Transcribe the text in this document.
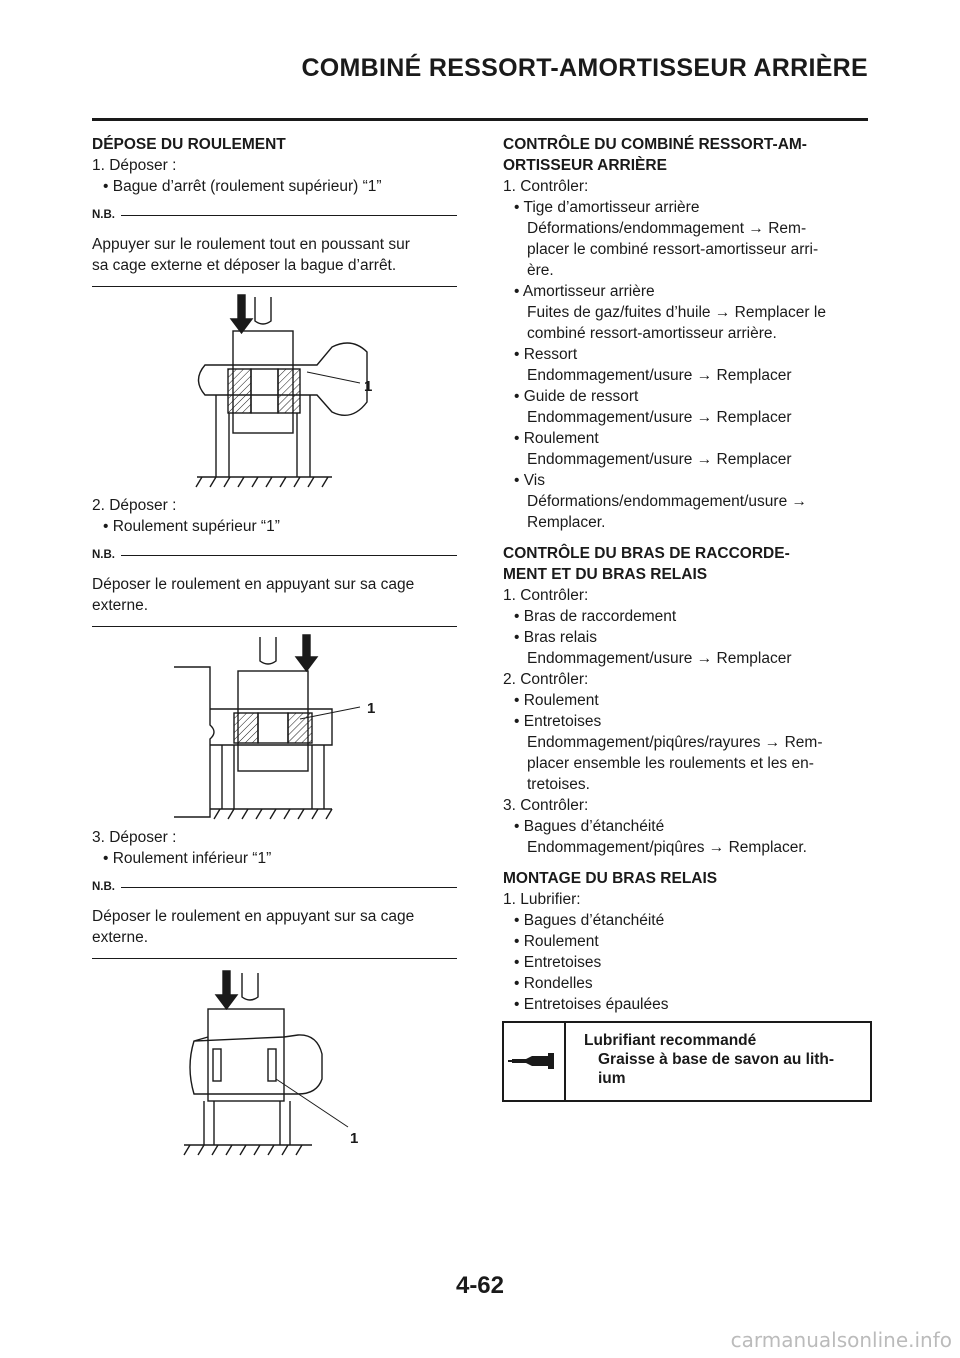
COMBINÉ RESSORT-AMORTISSEUR ARRIÈRE

DÉPOSE DU ROULEMENT

1. Déposer :
• Bague d’arrêt (roulement supérieur) “1”
N.B.
Appuyer sur le roulement tout en poussant sur
sa cage externe et déposer la bague d’arrêt.
1
2. Déposer :
• Roulement supérieur “1”
N.B.
Déposer le roulement en appuyant sur sa cage
externe.
1
3. Déposer :
• Roulement inférieur “1”
N.B.
Déposer le roulement en appuyant sur sa cage
externe.
1

CONTRÔLE DU COMBINÉ RESSORT-AM-

ORTISSEUR ARRIÈRE

1. Contrôler:
• Tige d’amortisseur arrière
Déformations/endommagement → Rem-
placer le combiné ressort-amortisseur arri-
ère.
• Amortisseur arrière
Fuites de gaz/fuites d’huile → Remplacer le
combiné ressort-amortisseur arrière.
• Ressort
Endommagement/usure → Remplacer
• Guide de ressort
Endommagement/usure → Remplacer
• Roulement
Endommagement/usure → Remplacer
• Vis
Déformations/endommagement/usure →
Remplacer.

CONTRÔLE DU BRAS DE RACCORDE-

MENT ET DU BRAS RELAIS

1. Contrôler:
• Bras de raccordement
• Bras relais
Endommagement/usure → Remplacer
2. Contrôler:
• Roulement
• Entretoises
Endommagement/piqûres/rayures → Rem-
placer ensemble les roulements et les en-
tretoises.
3. Contrôler:
• Bagues d’étanchéité
Endommagement/piqûres → Remplacer.

MONTAGE DU BRAS RELAIS

1. Lubrifier:
• Bagues d’étanchéité
• Roulement
• Entretoises
• Rondelles
• Entretoises épaulées
Lubrifiant recommandé
Graisse à base de savon au lith-
ium
4-62
carmanualsonline.info
